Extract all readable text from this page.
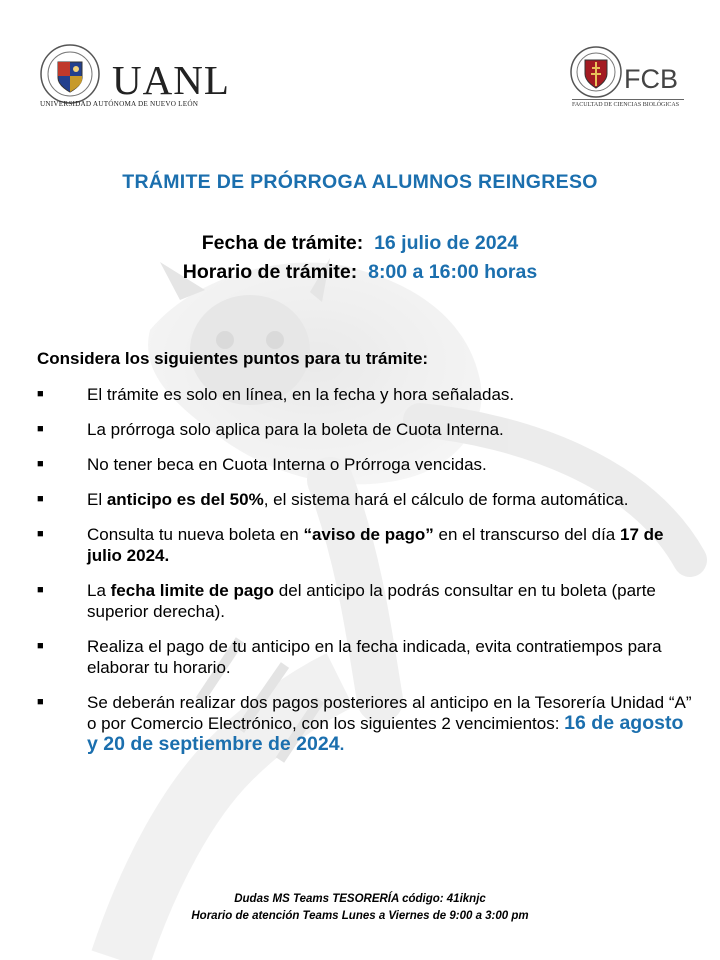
UANL
UNIVERSIDAD AUTÓNOMA DE NUEVO LEÓN
FCB
FACULTAD DE CIENCIAS BIOLÓGICAS
TRÁMITE DE PRÓRROGA ALUMNOS REINGRESO
Fecha de trámite: 16 julio de 2024
Horario de trámite: 8:00 a 16:00 horas
Considera los siguientes puntos para tu trámite:
■	El trámite es solo en línea, en la fecha y hora señaladas.
■	La prórroga solo aplica para la boleta de Cuota Interna.
■	No tener beca en Cuota Interna o Prórroga vencidas.
■	El anticipo es del 50%, el sistema hará el cálculo de forma automática.
■	Consulta tu nueva boleta en “aviso de pago” en el transcurso del día 17 de julio 2024.
■	La fecha limite de pago del anticipo la podrás consultar en tu boleta (parte superior derecha).
■	Realiza el pago de tu anticipo en la fecha indicada, evita contratiempos para elaborar tu horario.
■	Se deberán realizar dos pagos posteriores al anticipo en la Tesorería Unidad “A” o por Comercio Electrónico, con los siguientes 2 vencimientos: 16 de agosto y 20 de septiembre de 2024.
Dudas MS Teams TESORERÍA código: 41iknjc
Horario de atención Teams Lunes a Viernes de 9:00 a 3:00 pm
